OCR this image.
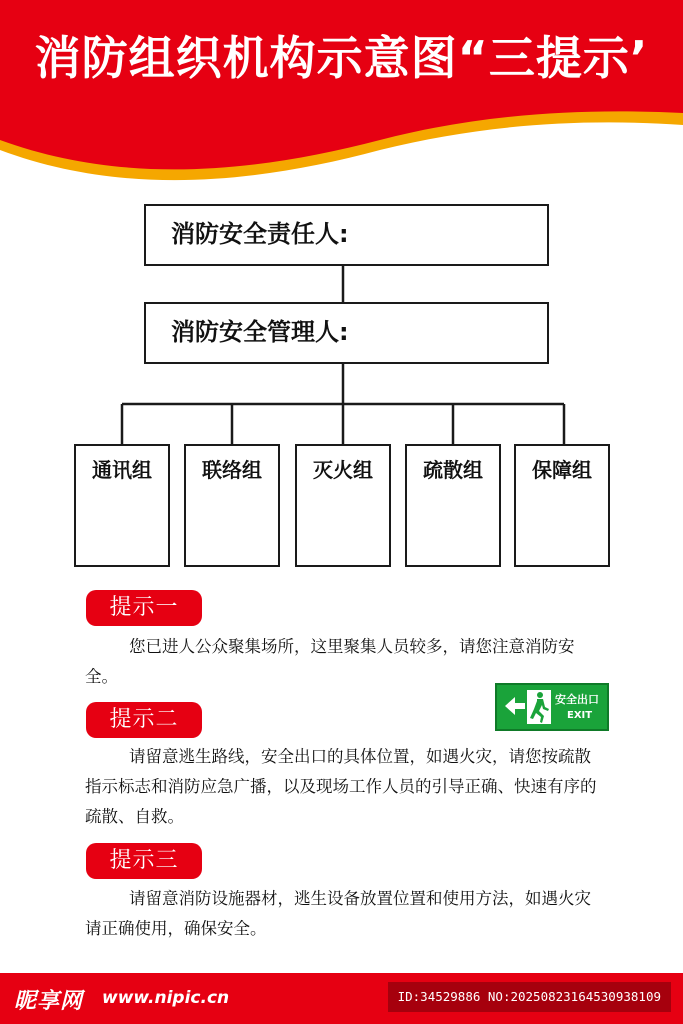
消防组织机构示意图“三提示’
消防安全责任人:
消防安全管理人:
通讯组	联络组	灭火组	疏散组	保障组
提示一
您已进人公众聚集场所，这里聚集人员较多，请您注意消防安全。
安全出口
EXIT
提示二
请留意逃生路线，安全出口的具体位置，如遇火灾，请您按疏散指示标志和消防应急广播，以及现场工作人员的引导正确、快速有序的疏散、自救。
提示三
请留意消防设施器材，逃生设备放置位置和使用方法，如遇火灾请正确使用，确保安全。
昵享网 www.nipic.cn	ID:34529886 NO:20250823164530938109
